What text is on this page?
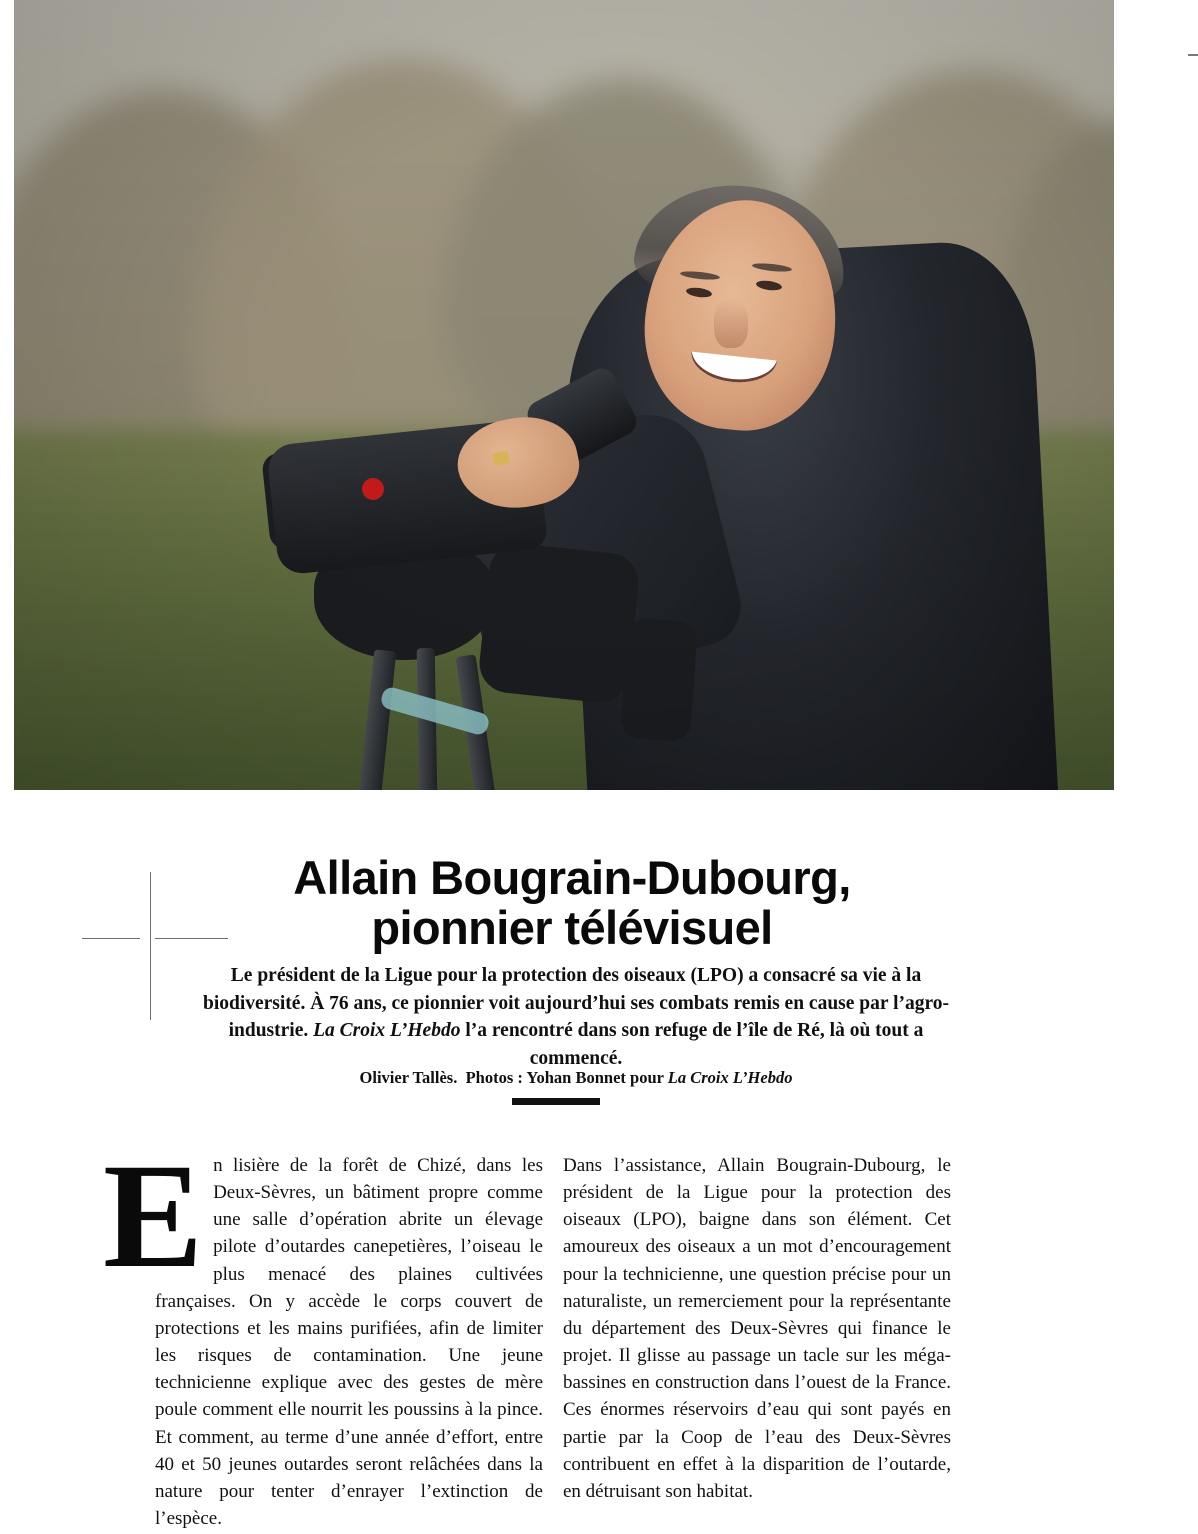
Allain Bougrain-Dubourg,
pionnier télévisuel
Le président de la Ligue pour la protection des oiseaux (LPO) a consacré sa vie à la biodiversité. À 76 ans, ce pionnier voit aujourd’hui ses combats remis en cause par l’agro-industrie. La Croix L’Hebdo l’a rencontré dans son refuge de l’île de Ré, là où tout a commencé.
Olivier Tallès. Photos : Yohan Bonnet pour La Croix L’Hebdo
E n lisière de la forêt de Chizé, dans les Deux-Sèvres, un bâtiment propre comme une salle d’opération abrite un élevage pilote d’outardes canepetières, l’oiseau le plus menacé des plaines cultivées françaises. On y accède le corps couvert de protections et les mains purifiées, afin de limiter les risques de contamination. Une jeune technicienne explique avec des gestes de mère poule comment elle nourrit les poussins à la pince. Et comment, au terme d’une année d’effort, entre 40 et 50 jeunes outardes seront relâchées dans la nature pour tenter d’enrayer l’extinction de l’espèce.

Dans l’assistance, Allain Bougrain-Dubourg, le président de la Ligue pour la protection des oiseaux (LPO), baigne dans son élément. Cet amoureux des oiseaux a un mot d’encouragement pour la technicienne, une question précise pour un naturaliste, un remerciement pour la représentante du département des Deux-Sèvres qui finance le projet. Il glisse au passage un tacle sur les méga-bassines en construction dans l’ouest de la France. Ces énormes réservoirs d’eau qui sont payés en partie par la Coop de l’eau des Deux-Sèvres contribuent en effet à la disparition de l’outarde, en détruisant son habitat.
